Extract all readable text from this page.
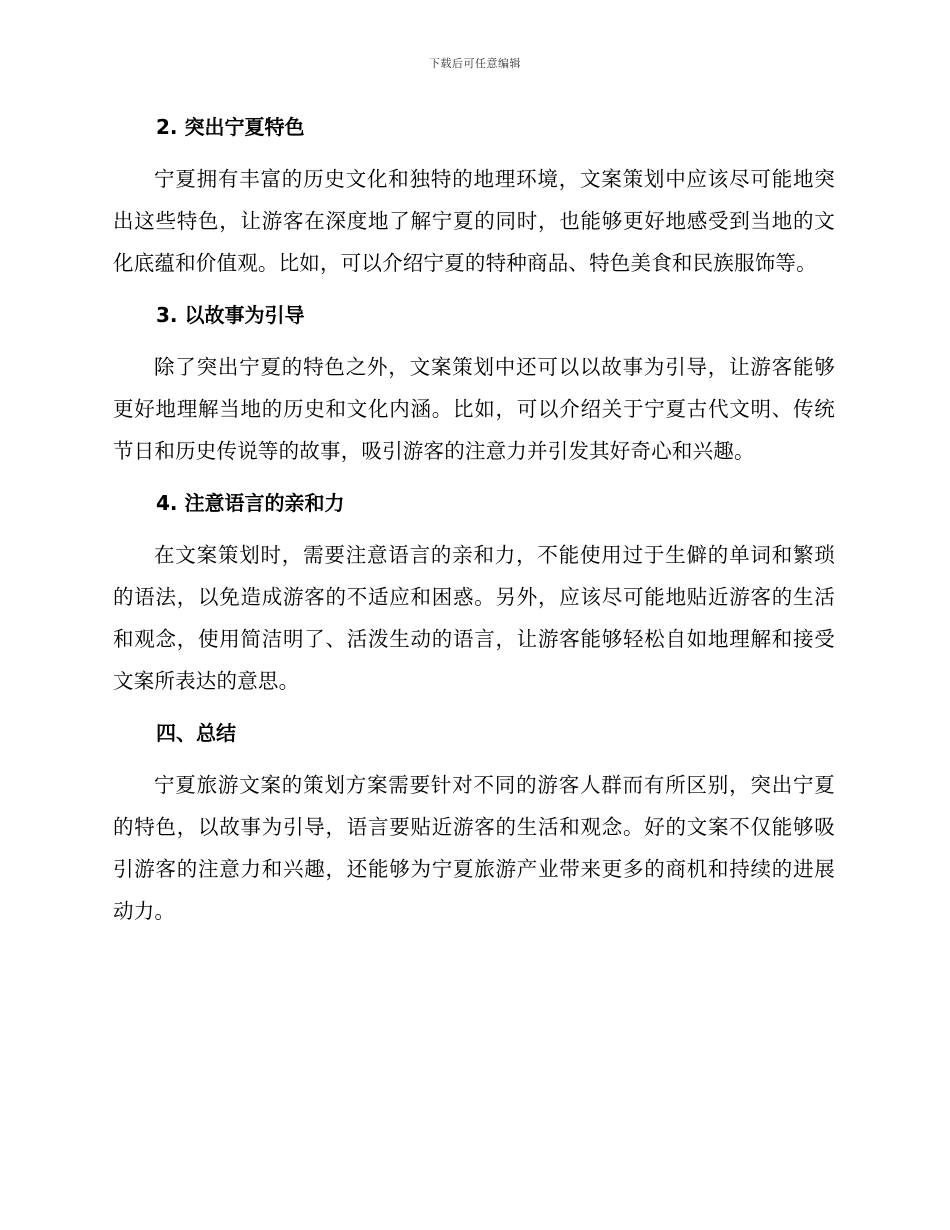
下载后可任意编辑
2. 突出宁夏特色

宁夏拥有丰富的历史文化和独特的地理环境，文案策划中应该尽可能地突出这些特色，让游客在深度地了解宁夏的同时，也能够更好地感受到当地的文化底蕴和价值观。比如，可以介绍宁夏的特种商品、特色美食和民族服饰等。

3. 以故事为引导

除了突出宁夏的特色之外，文案策划中还可以以故事为引导，让游客能够更好地理解当地的历史和文化内涵。比如，可以介绍关于宁夏古代文明、传统节日和历史传说等的故事，吸引游客的注意力并引发其好奇心和兴趣。

4. 注意语言的亲和力

在文案策划时，需要注意语言的亲和力，不能使用过于生僻的单词和繁琐的语法，以免造成游客的不适应和困惑。另外，应该尽可能地贴近游客的生活和观念，使用简洁明了、活泼生动的语言，让游客能够轻松自如地理解和接受文案所表达的意思。

四、总结

宁夏旅游文案的策划方案需要针对不同的游客人群而有所区别，突出宁夏的特色，以故事为引导，语言要贴近游客的生活和观念。好的文案不仅能够吸引游客的注意力和兴趣，还能够为宁夏旅游产业带来更多的商机和持续的进展动力。
